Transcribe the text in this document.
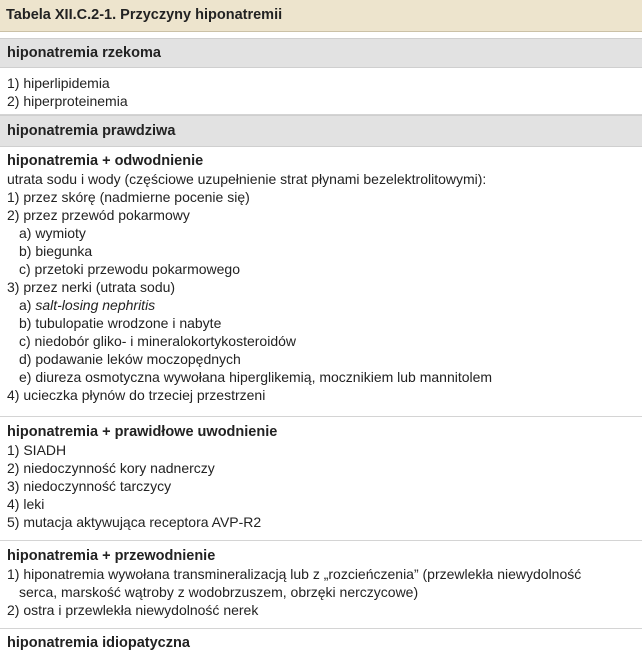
Tabela XII.C.2-1. Przyczyny hiponatremii
hiponatremia rzekoma
1) hiperlipidemia
2) hiperproteinemia
hiponatremia prawdziwa
hiponatremia + odwodnienie
utrata sodu i wody (częściowe uzupełnienie strat płynami bezelektrolitowymi):
1) przez skórę (nadmierne pocenie się)
2) przez przewód pokarmowy
a) wymioty
b) biegunka
c) przetoki przewodu pokarmowego
3) przez nerki (utrata sodu)
a) salt-losing nephritis
b) tubulopatie wrodzone i nabyte
c) niedobór gliko- i mineralokortykosteroidów
d) podawanie leków moczopędnych
e) diureza osmotyczna wywołana hiperglikemią, mocznikiem lub mannitolem
4) ucieczka płynów do trzeciej przestrzeni
hiponatremia + prawidłowe uwodnienie
1) SIADH
2) niedoczynność kory nadnerczy
3) niedoczynność tarczycy
4) leki
5) mutacja aktywująca receptora AVP-R2
hiponatremia + przewodnienie
1) hiponatremia wywołana transmineralizacją lub z „rozcieńczenia” (przewlekła niewydolność
serca, marskość wątroby z wodobrzuszem, obrzęki nerczycowe)
2) ostra i przewlekła niewydolność nerek
hiponatremia idiopatyczna
